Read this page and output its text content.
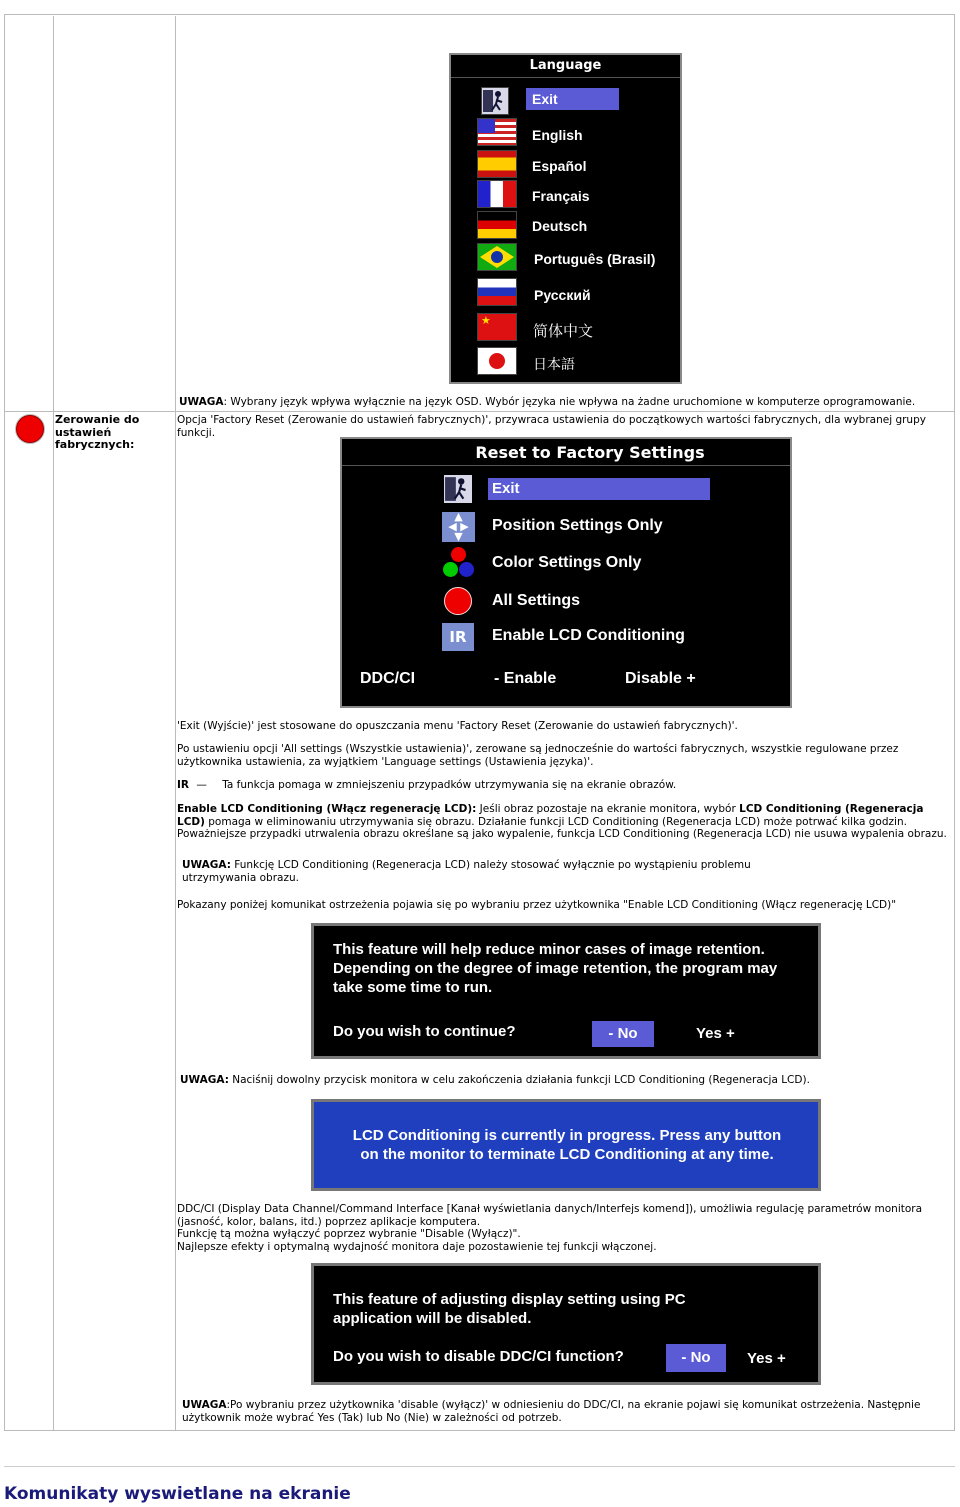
Language
Exit
English
Español
Français
Deutsch
Português (Brasil)
Русский
★
简体中文
日本語
UWAGA: Wybrany język wpływa wyłącznie na język OSD. Wybór języka nie wpływa na żadne uruchomione w komputerze oprogramowanie.
Zerowanie do ustawień fabrycznych:
Opcja 'Factory Reset (Zerowanie do ustawień fabrycznych)', przywraca ustawienia do początkowych wartości fabrycznych, dla wybranej grupy funkcji.
Reset to Factory Settings
Exit
▲
◀ ▶
▼
Position Settings Only
Color Settings Only
All Settings
IR	Enable LCD Conditioning
DDC/CI	- Enable	Disable +
'Exit (Wyjście)' jest stosowane do opuszczania menu 'Factory Reset (Zerowanie do ustawień fabrycznych)'.
Po ustawieniu opcji 'All settings (Wszystkie ustawienia)', zerowane są jednocześnie do wartości fabrycznych, wszystkie regulowane przez użytkownika ustawienia, za wyjątkiem 'Language settings (Ustawienia języka)'.
IR — Ta funkcja pomaga w zmniejszeniu przypadków utrzymywania się na ekranie obrazów.
Enable LCD Conditioning (Włącz regenerację LCD): Jeśli obraz pozostaje na ekranie monitora, wybór LCD Conditioning (Regeneracja LCD) pomaga w eliminowaniu utrzymywania się obrazu. Działanie funkcji LCD Conditioning (Regeneracja LCD) może potrwać kilka godzin. Poważniejsze przypadki utrwalenia obrazu określane są jako wypalenie, funkcja LCD Conditioning (Regeneracja LCD) nie usuwa wypalenia obrazu.
UWAGA: Funkcję LCD Conditioning (Regeneracja LCD) należy stosować wyłącznie po wystąpieniu problemu utrzymywania obrazu.
Pokazany poniżej komunikat ostrzeżenia pojawia się po wybraniu przez użytkownika "Enable LCD Conditioning (Włącz regenerację LCD)"
This feature will help reduce minor cases of image retention. Depending on the degree of image retention, the program may take some time to run.
Do you wish to continue?	- No	Yes +
UWAGA: Naciśnij dowolny przycisk monitora w celu zakończenia działania funkcji LCD Conditioning (Regeneracja LCD).
LCD Conditioning is currently in progress. Press any button on the monitor to terminate LCD Conditioning at any time.
DDC/CI (Display Data Channel/Command Interface [Kanał wyświetlania danych/Interfejs komend]), umożliwia regulację parametrów monitora (jasność, kolor, balans, itd.) poprzez aplikacje komputera.
Funkcję tą można wyłączyć poprzez wybranie "Disable (Wyłącz)".
Najlepsze efekty i optymalną wydajność monitora daje pozostawienie tej funkcji włączonej.
This feature of adjusting display setting using PC application will be disabled.
Do you wish to disable DDC/CI function?	- No	Yes +
UWAGA:Po wybraniu przez użytkownika 'disable (wyłącz)' w odniesieniu do DDC/CI, na ekranie pojawi się komunikat ostrzeżenia. Następnie użytkownik może wybrać Yes (Tak) lub No (Nie) w zależności od potrzeb.
Komunikaty wyswietlane na ekranie
